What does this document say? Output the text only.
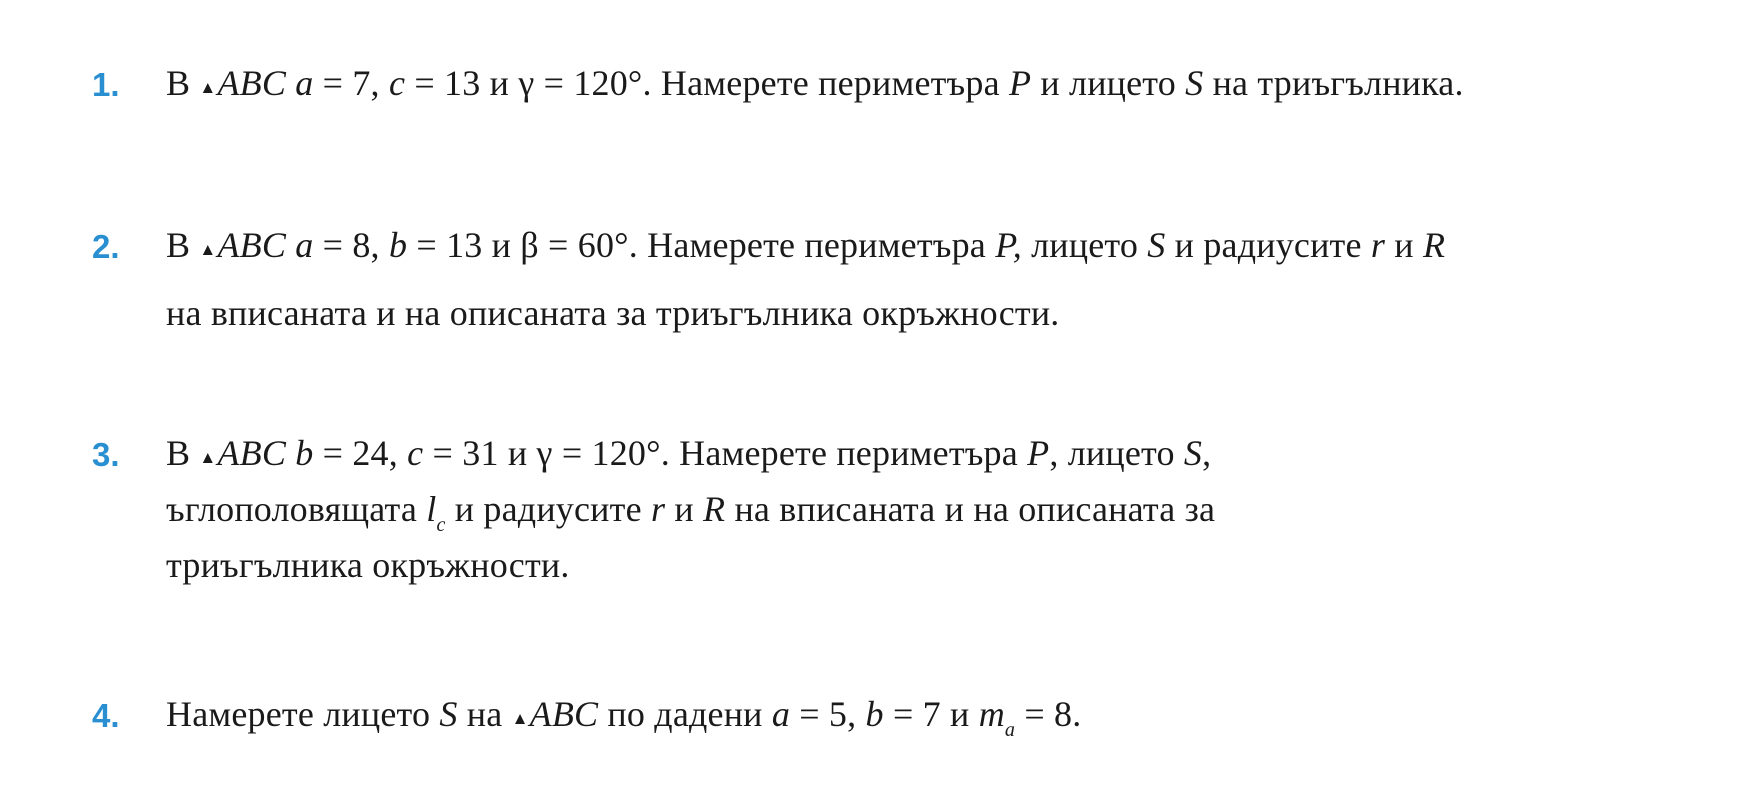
1. В ▲ABC a = 7, c = 13 и γ = 120°. Намерете периметъра P и лицето S на триъгълника.
2. В ▲ABC a = 8, b = 13 и β = 60°. Намерете периметъра P, лицето S и радиусите r и R
на вписаната и на описаната за триъгълника окръжности.
3. В ▲ABC b = 24, c = 31 и γ = 120°. Намерете периметъра P, лицето S,
ъглополовящата $l_c$ и радиусите r и R на вписаната и на описаната за
триъгълника окръжности.
4. Намерете лицето S на ▲ABC по дадени a = 5, b = 7 и $m_a = 8$.
